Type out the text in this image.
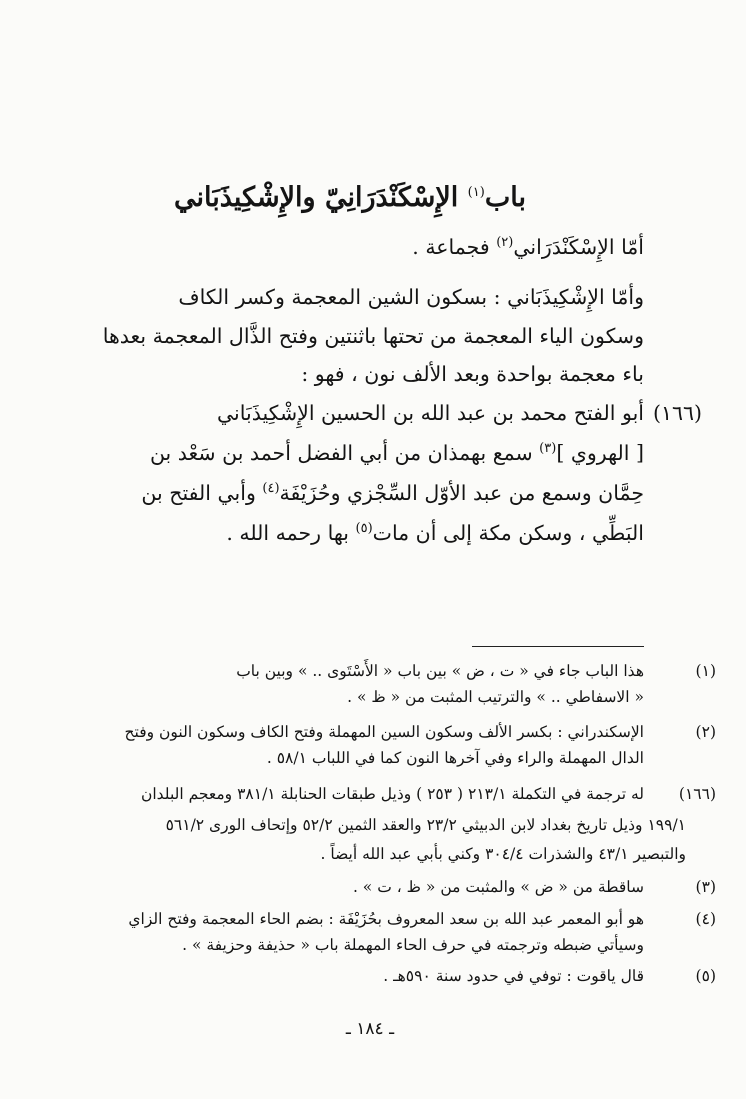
باب$^{(١)}$ الإِسْكَنْدَرَانِيّ والإِشْكِيذَبَاني
أمّا الإِسْكَنْدَرَاني$^{(٢)}$ فجماعة .
وأمّا الإِشْكِيذَبَاني : بسكون الشين المعجمة وكسر الكاف
وسكون الياء المعجمة من تحتها باثنتين وفتح الذَّال المعجمة بعدها
باء معجمة بواحدة وبعد الألف نون ، فهو :
(١٦٦)
أبو الفتح محمد بن عبد الله بن الحسين الإِشْكِيذَبَاني
[ الهروي ]$^{(٣)}$ سمع بهمذان من أبي الفضل أحمد بن سَعْد بن
حِمَّان وسمع من عبد الأوّل السِّجْزي وحُزَيْفَة$^{(٤)}$ وأبي الفتح بن
البَطِّي ، وسكن مكة إلى أن مات$^{(٥)}$ بها رحمه الله .
(١)
هذا الباب جاء في « ت ، ض » بين باب « الأَسْتَوى .. » وبين باب
« الاسفاطي .. » والترتيب المثبت من « ظ » .
(٢)
الإسكندراني : بكسر الألف وسكون السين المهملة وفتح الكاف وسكون النون وفتح
الدال المهملة والراء وفي آخرها النون كما في اللباب ٥٨/١ .
(١٦٦)
له ترجمة في التكملة ٢١٣/١ ( ٢٥٣ ) وذيل طبقات الحنابلة ٣٨١/١ ومعجم البلدان
١٩٩/١ وذيل تاريخ بغداد لابن الدبيثي ٢٣/٢ والعقد الثمين ٥٢/٢ وإتحاف الورى ٥٦١/٢
والتبصير ٤٣/١ والشذرات ٣٠٤/٤ وكني بأبي عبد الله أيضاً .
(٣)
ساقطة من « ض » والمثبت من « ظ ، ت » .
(٤)
هو أبو المعمر عبد الله بن سعد المعروف بحُزَيْفَة : بضم الحاء المعجمة وفتح الزاي
وسيأتي ضبطه وترجمته في حرف الحاء المهملة باب « حذيفة وحزيفة » .
(٥)
قال ياقوت : توفي في حدود سنة ٥٩٠هـ .
ـ ١٨٤ ـ
